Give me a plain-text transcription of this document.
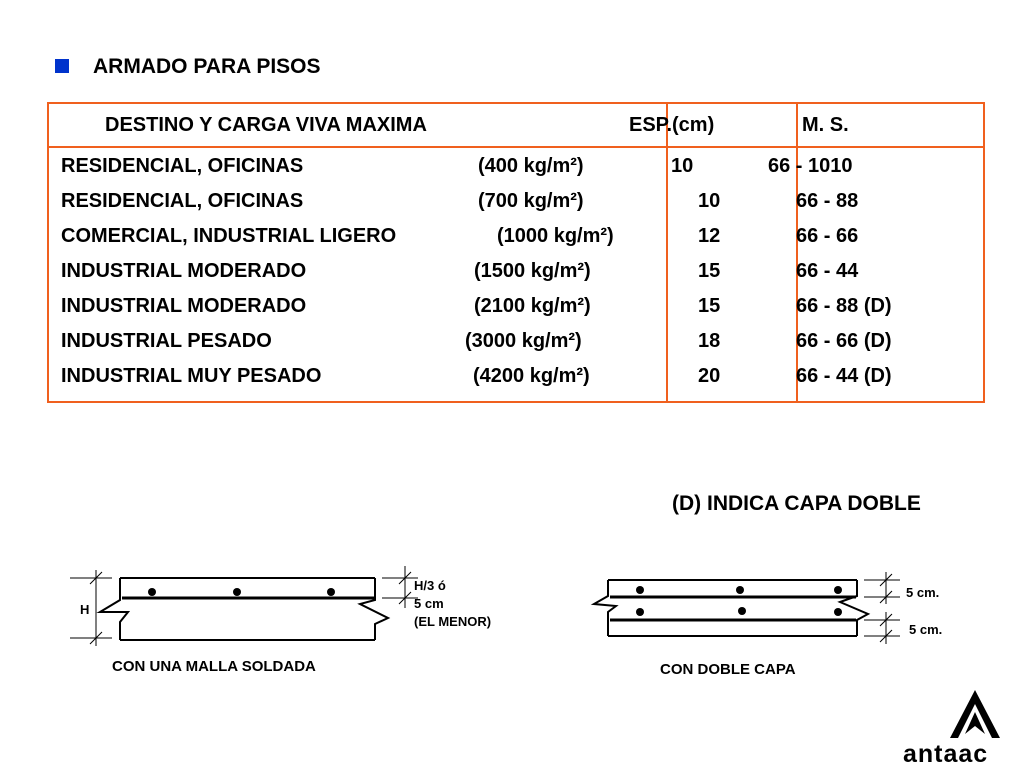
ARMADO PARA PISOS
DESTINO Y CARGA VIVA MAXIMA	ESP.(cm)	M. S.
RESIDENCIAL, OFICINAS	(400 kg/m²)	10	66 - 1010
RESIDENCIAL, OFICINAS	(700 kg/m²)	10	66 - 88
COMERCIAL, INDUSTRIAL LIGERO	(1000 kg/m²)	12	66 - 66
INDUSTRIAL MODERADO	(1500 kg/m²)	15	66 - 44
INDUSTRIAL MODERADO	(2100 kg/m²)	15	66 - 88 (D)
INDUSTRIAL PESADO	(3000 kg/m²)	18	66 - 66 (D)
INDUSTRIAL MUY PESADO	(4200 kg/m²)	20	66 - 44 (D)
(D) INDICA CAPA DOBLE
H
H/3 ó
5 cm
(EL MENOR)
CON UNA MALLA SOLDADA
5 cm.
5 cm.
CON DOBLE CAPA
antaac
